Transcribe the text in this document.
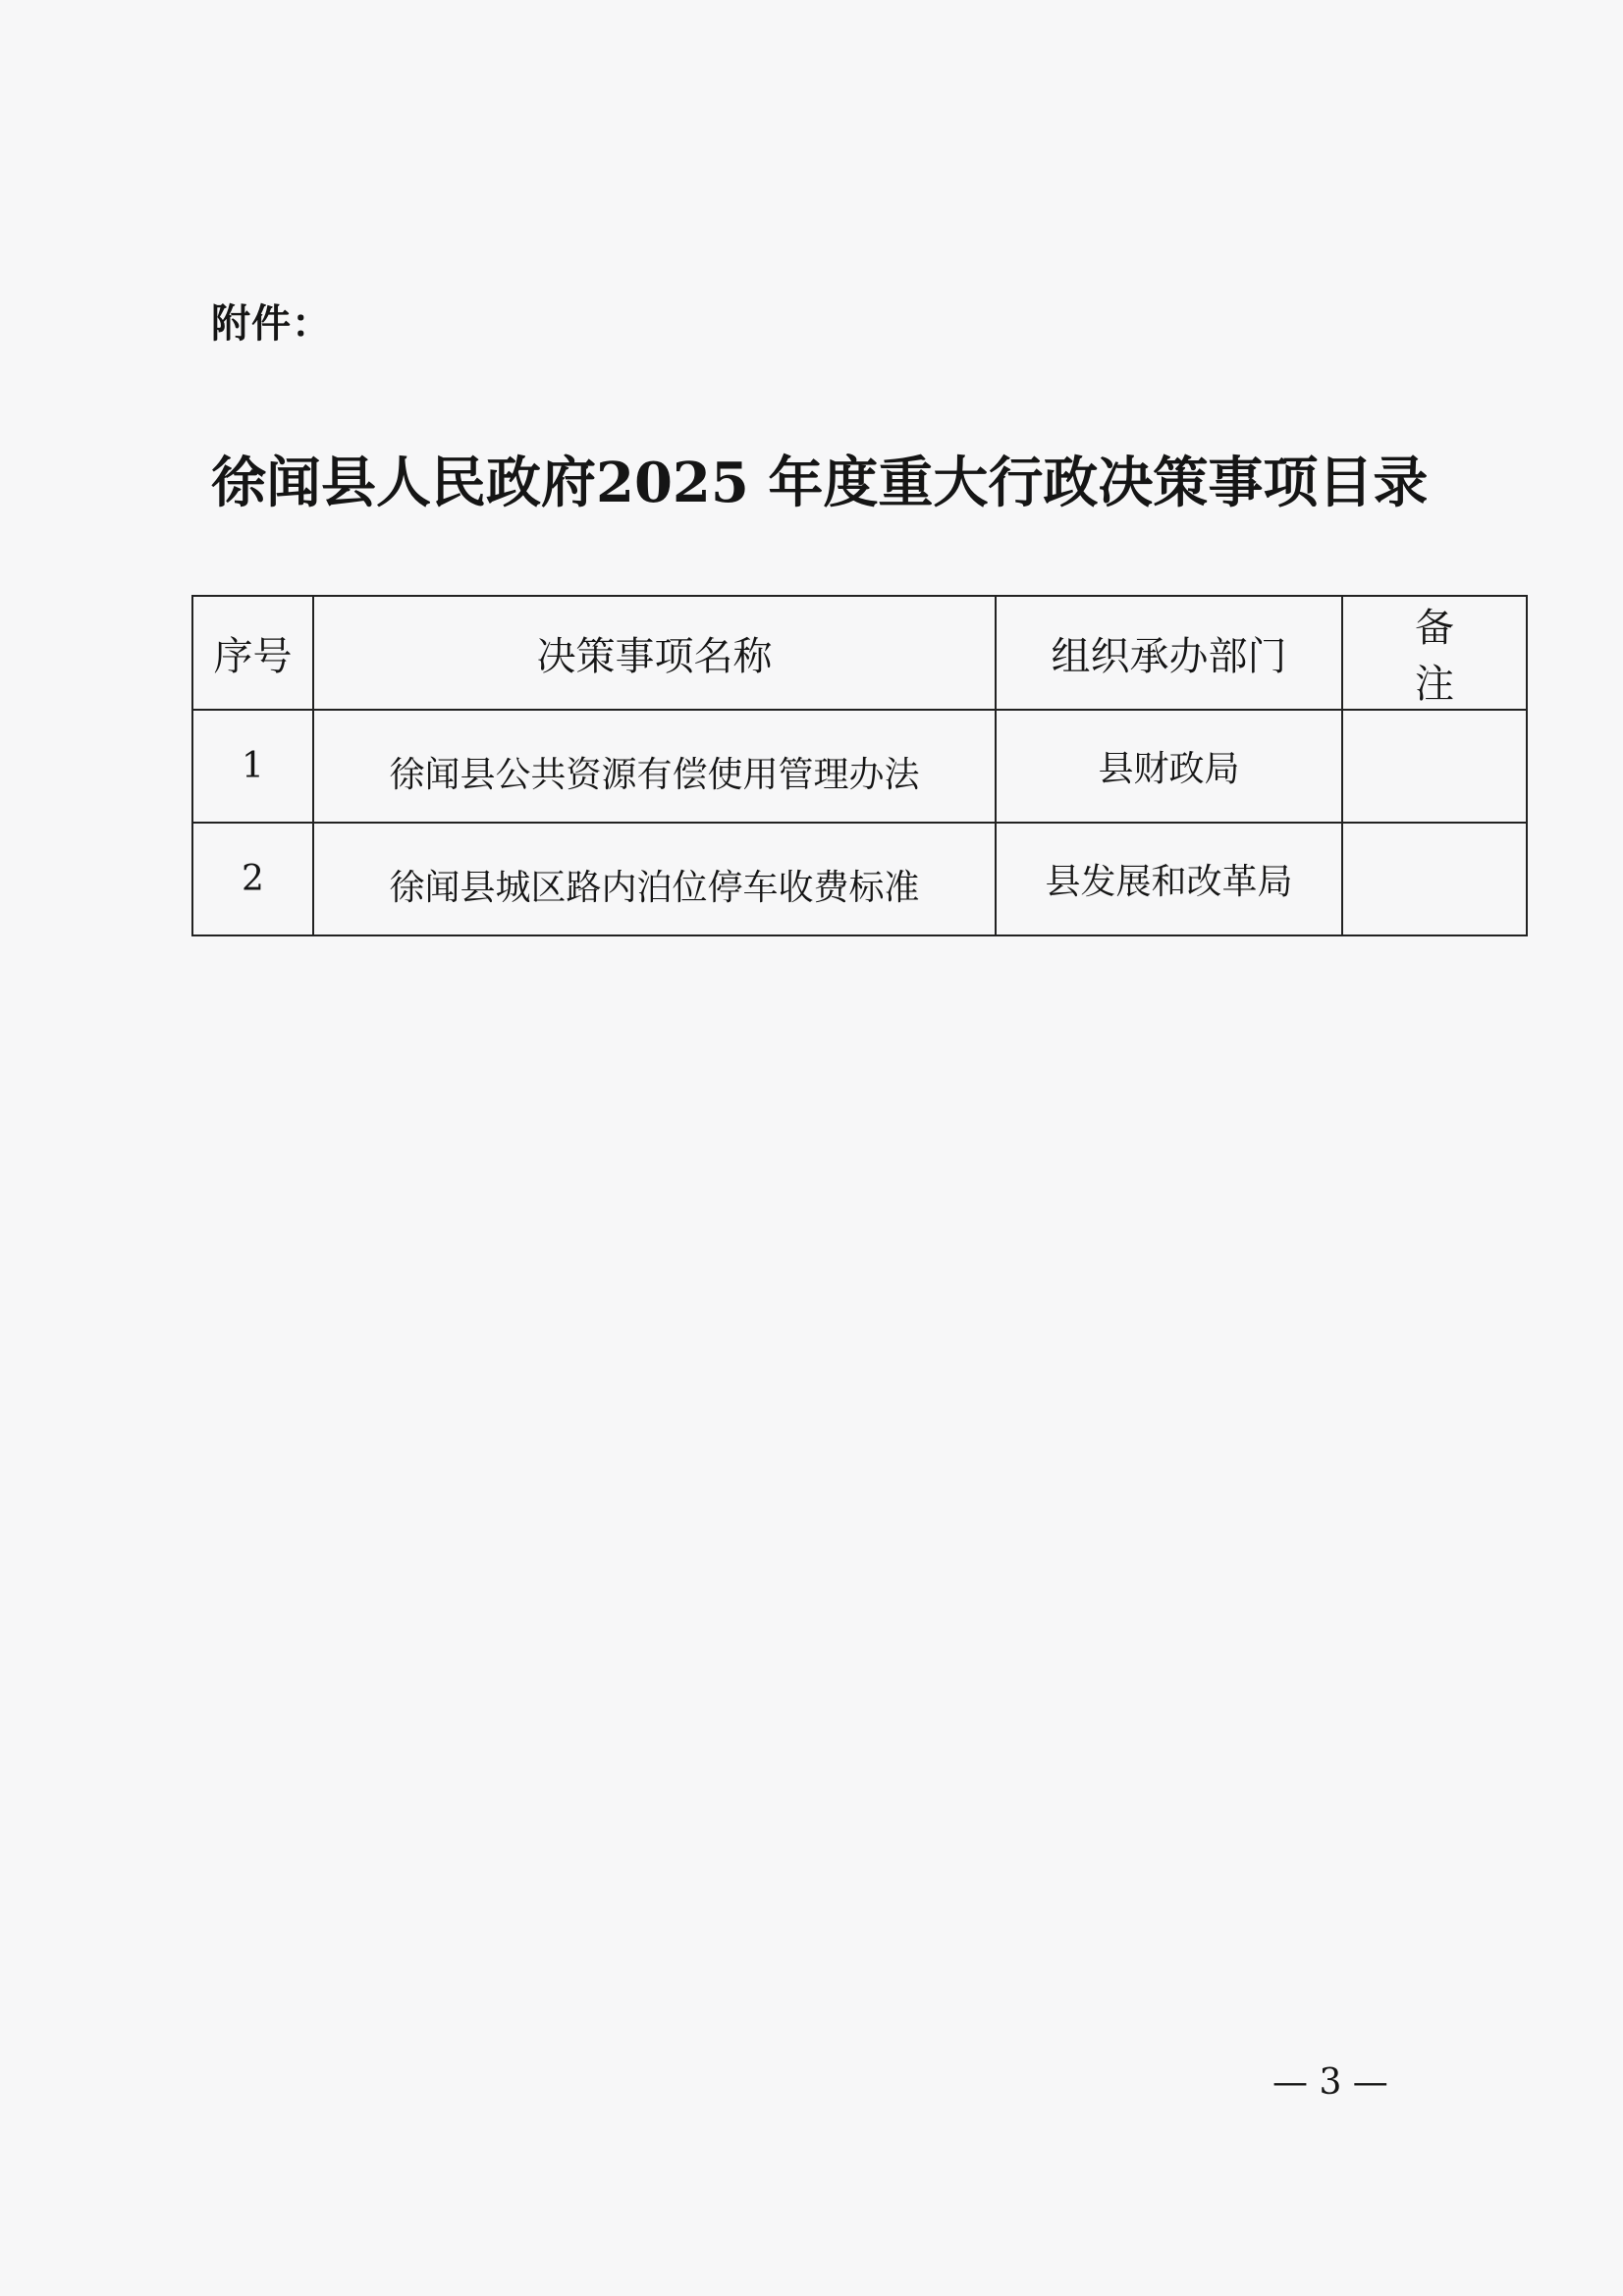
附件：
徐闻县人民政府2025 年度重大行政决策事项目录
序号	决策事项名称	组织承办部门	备注
1	徐闻县公共资源有偿使用管理办法	县财政局	
2	徐闻县城区路内泊位停车收费标准	县发展和改革局	
— 3 —
